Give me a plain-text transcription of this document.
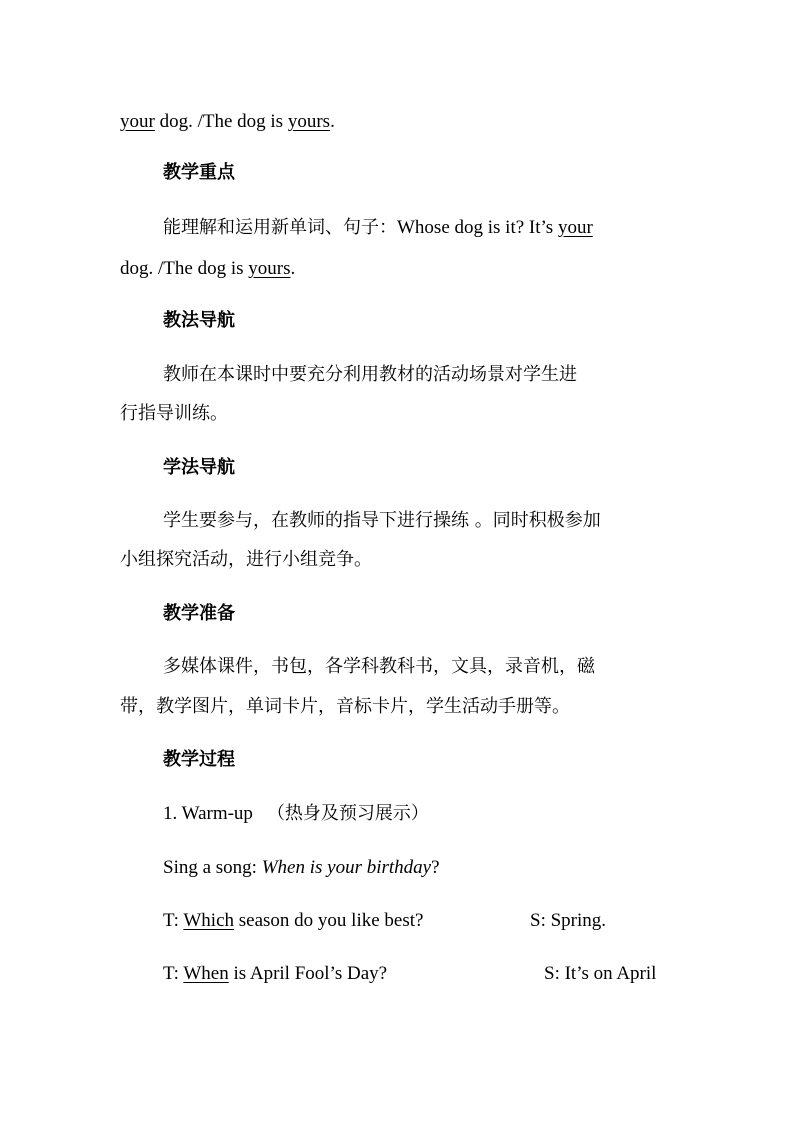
your dog. /The dog is yours.
教学重点
能理解和运用新单词、句子：Whose dog is it? It’s your
dog. /The dog is yours.
教法导航
教师在本课时中要充分利用教材的活动场景对学生进
行指导训练。
学法导航
学生要参与，在教师的指导下进行操练 。同时积极参加
小组探究活动，进行小组竞争。
教学准备
多媒体课件，书包，各学科教科书，文具，录音机，磁
带，教学图片，单词卡片，音标卡片，学生活动手册等。
教学过程
1. Warm-up （热身及预习展示）
Sing a song: When is your birthday?
T: Which season do you like best?	S: Spring.
T: When is April Fool’s Day?	S: It’s on April
